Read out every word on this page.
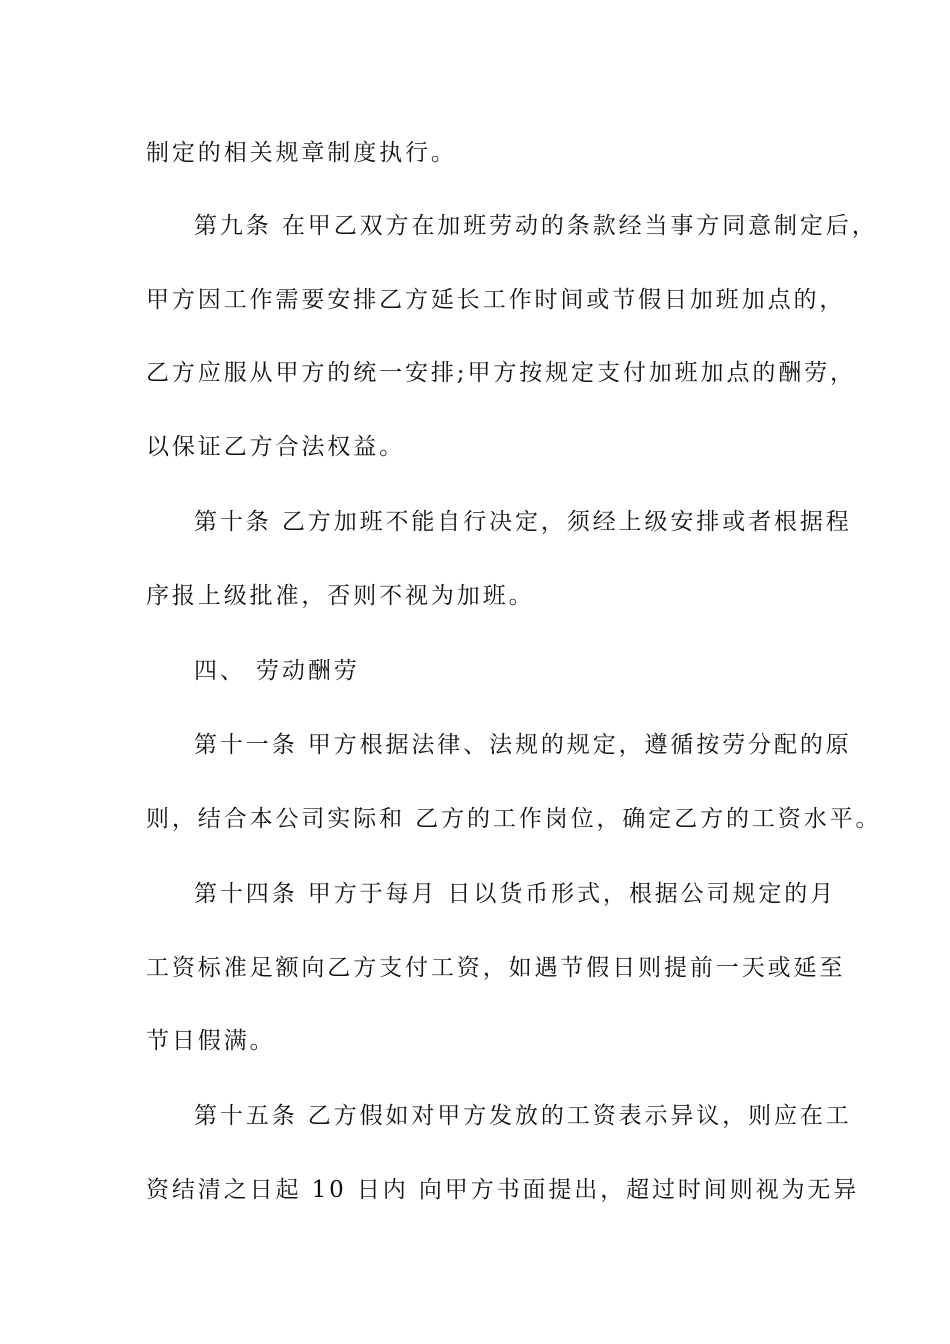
制定的相关规章制度执行。
第九条 在甲乙双方在加班劳动的条款经当事方同意制定后，
甲方因工作需要安排乙方延长工作时间或节假日加班加点的，
乙方应服从甲方的统一安排;甲方按规定支付加班加点的酬劳，
以保证乙方合法权益。
第十条 乙方加班不能自行决定，须经上级安排或者根据程
序报上级批准，否则不视为加班。
四、 劳动酬劳
第十一条 甲方根据法律、法规的规定，遵循按劳分配的原
则，结合本公司实际和 乙方的工作岗位，确定乙方的工资水平。
第十四条 甲方于每月 日以货币形式，根据公司规定的月
工资标准足额向乙方支付工资，如遇节假日则提前一天或延至
节日假满。
第十五条 乙方假如对甲方发放的工资表示异议，则应在工
资结清之日起 10 日内 向甲方书面提出，超过时间则视为无异
